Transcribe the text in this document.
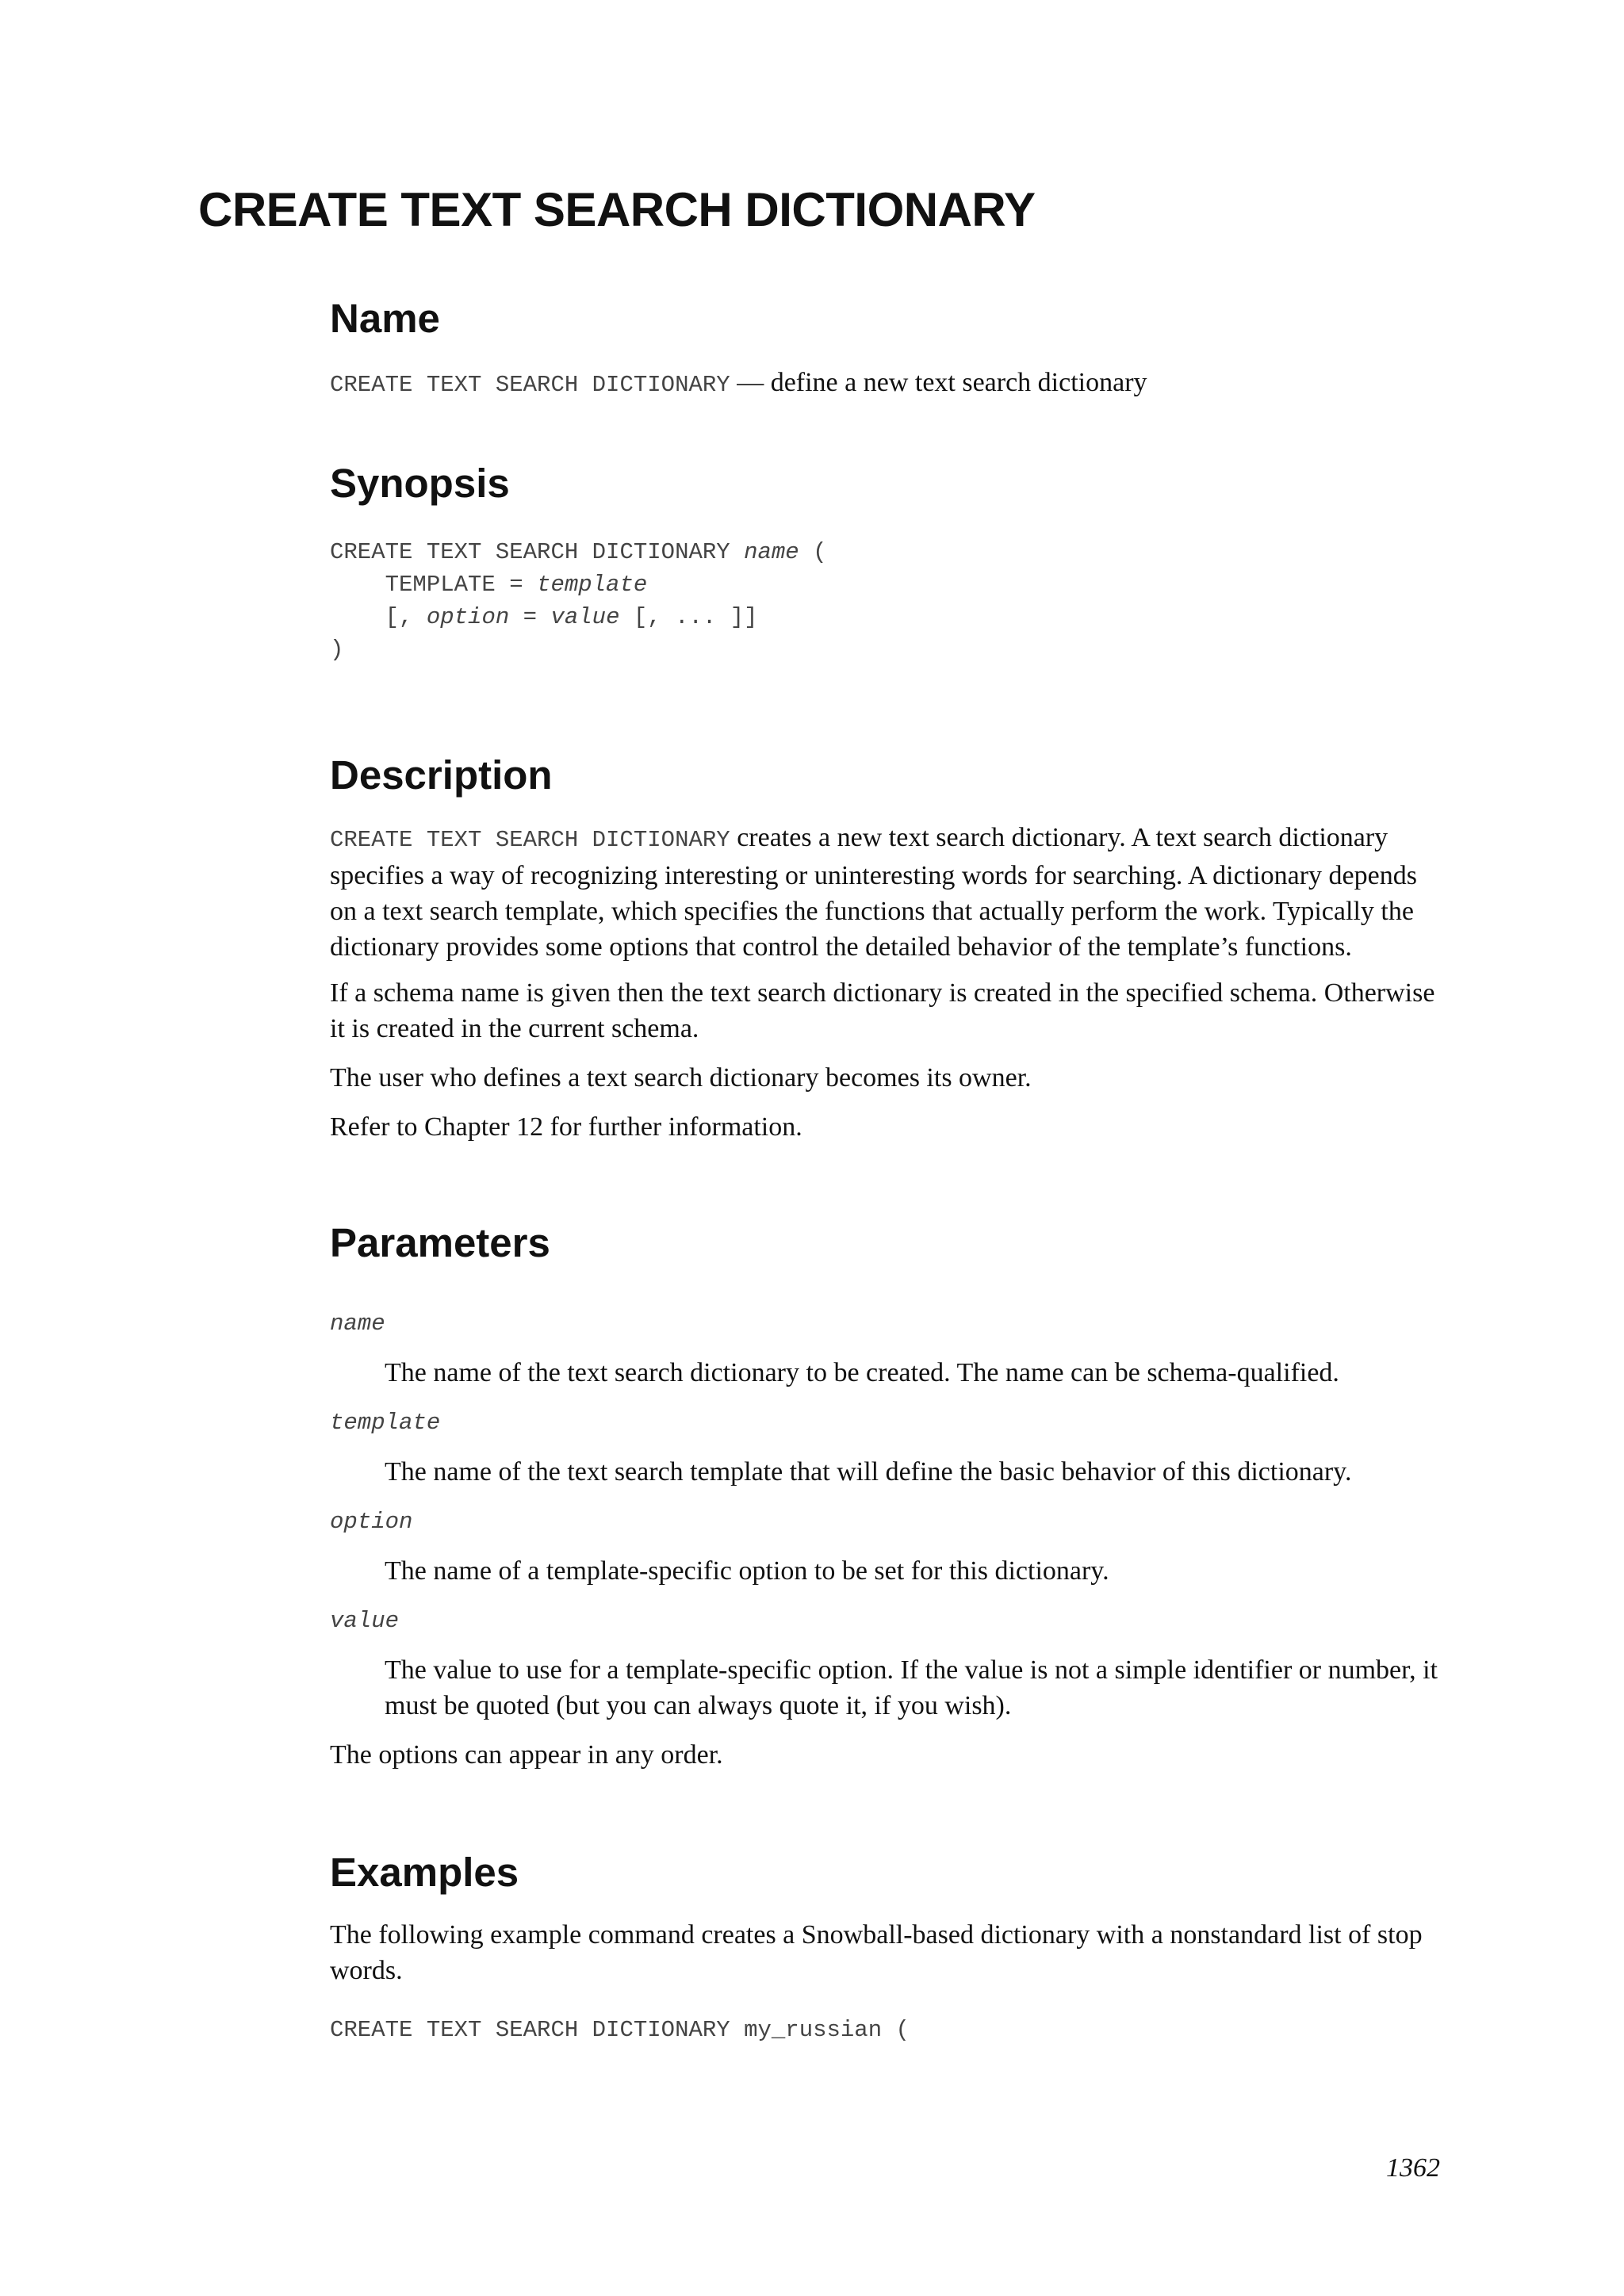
CREATE TEXT SEARCH DICTIONARY
Name

CREATE TEXT SEARCH DICTIONARY — define a new text search dictionary

Synopsis
CREATE TEXT SEARCH DICTIONARY name (
TEMPLATE = template
[, option = value [, ... ]]
)
Description

CREATE TEXT SEARCH DICTIONARY creates a new text search dictionary. A text search dictionary specifies a way of recognizing interesting or uninteresting words for searching. A dictionary depends on a text search template, which specifies the functions that actually perform the work. Typically the dictionary provides some options that control the detailed behavior of the template’s functions.

If a schema name is given then the text search dictionary is created in the specified schema. Otherwise it is created in the current schema.

The user who defines a text search dictionary becomes its owner.

Refer to Chapter 12 for further information.

Parameters
name

The name of the text search dictionary to be created. The name can be schema-qualified.

template

The name of the text search template that will define the basic behavior of this dictionary.

option

The name of a template-specific option to be set for this dictionary.

value

The value to use for a template-specific option. If the value is not a simple identifier or number, it must be quoted (but you can always quote it, if you wish).

The options can appear in any order.

Examples

The following example command creates a Snowball-based dictionary with a nonstandard list of stop words.

CREATE TEXT SEARCH DICTIONARY my_russian (
1362
